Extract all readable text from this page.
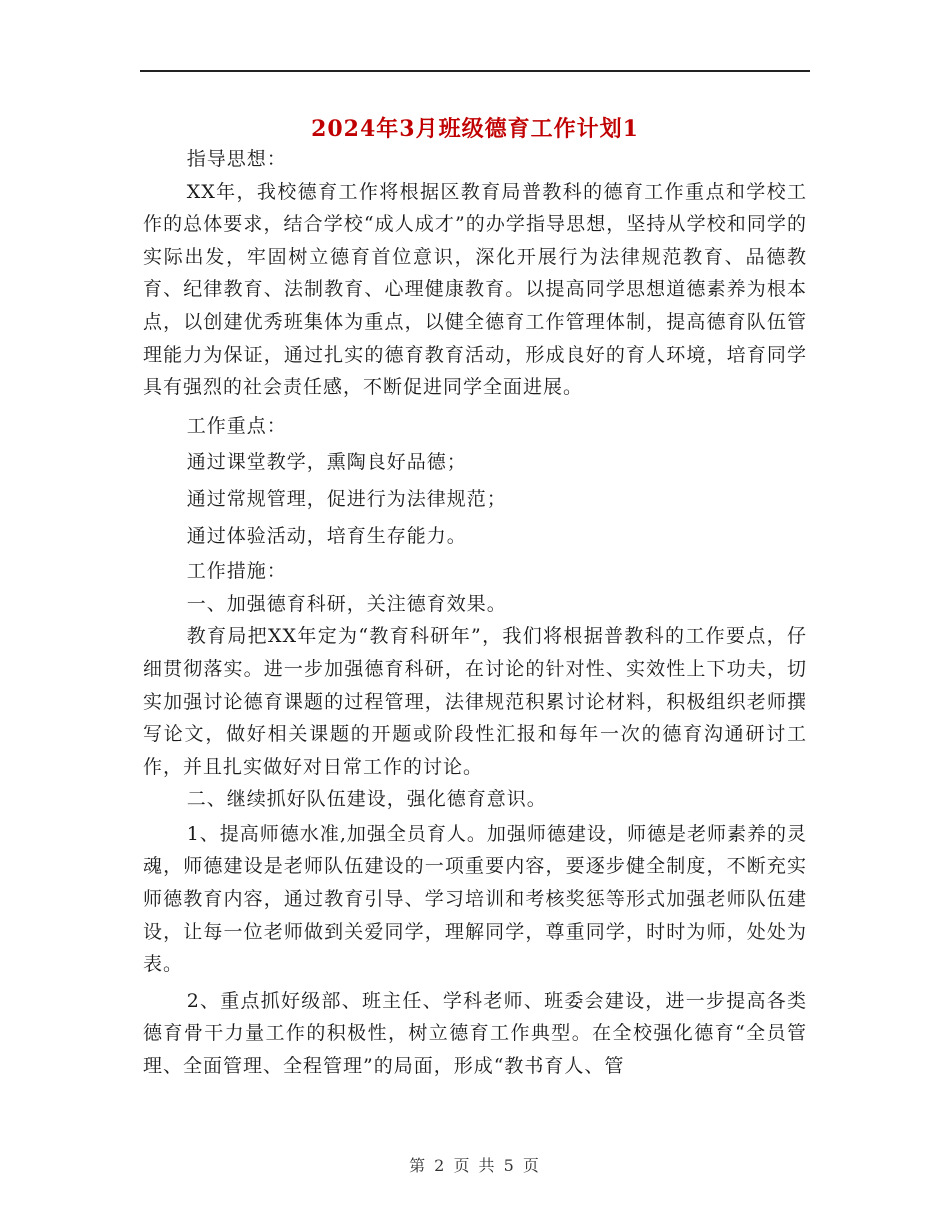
2024年3月班级德育工作计划1

指导思想：

XX年，我校德育工作将根据区教育局普教科的德育工作重点和学校工作的总体要求，结合学校“成人成才”的办学指导思想，坚持从学校和同学的实际出发，牢固树立德育首位意识，深化开展行为法律规范教育、品德教育、纪律教育、法制教育、心理健康教育。以提高同学思想道德素养为根本点，以创建优秀班集体为重点，以健全德育工作管理体制，提高德育队伍管理能力为保证，通过扎实的德育教育活动，形成良好的育人环境，培育同学具有强烈的社会责任感，不断促进同学全面进展。

工作重点：

通过课堂教学，熏陶良好品德；

通过常规管理，促进行为法律规范；

通过体验活动，培育生存能力。

工作措施：

一、加强德育科研，关注德育效果。

教育局把XX年定为“教育科研年”，我们将根据普教科的工作要点，仔细贯彻落实。进一步加强德育科研，在讨论的针对性、实效性上下功夫，切实加强讨论德育课题的过程管理，法律规范积累讨论材料，积极组织老师撰写论文，做好相关课题的开题或阶段性汇报和每年一次的德育沟通研讨工作，并且扎实做好对日常工作的讨论。

二、继续抓好队伍建设，强化德育意识。

1、提高师德水准,加强全员育人。加强师德建设，师德是老师素养的灵魂，师德建设是老师队伍建设的一项重要内容，要逐步健全制度，不断充实师德教育内容，通过教育引导、学习培训和考核奖惩等形式加强老师队伍建设，让每一位老师做到关爱同学，理解同学，尊重同学，时时为师，处处为表。

2、重点抓好级部、班主任、学科老师、班委会建设，进一步提高各类德育骨干力量工作的积极性，树立德育工作典型。在全校强化德育“全员管理、全面管理、全程管理”的局面，形成“教书育人、管

第 2 页 共 5 页
